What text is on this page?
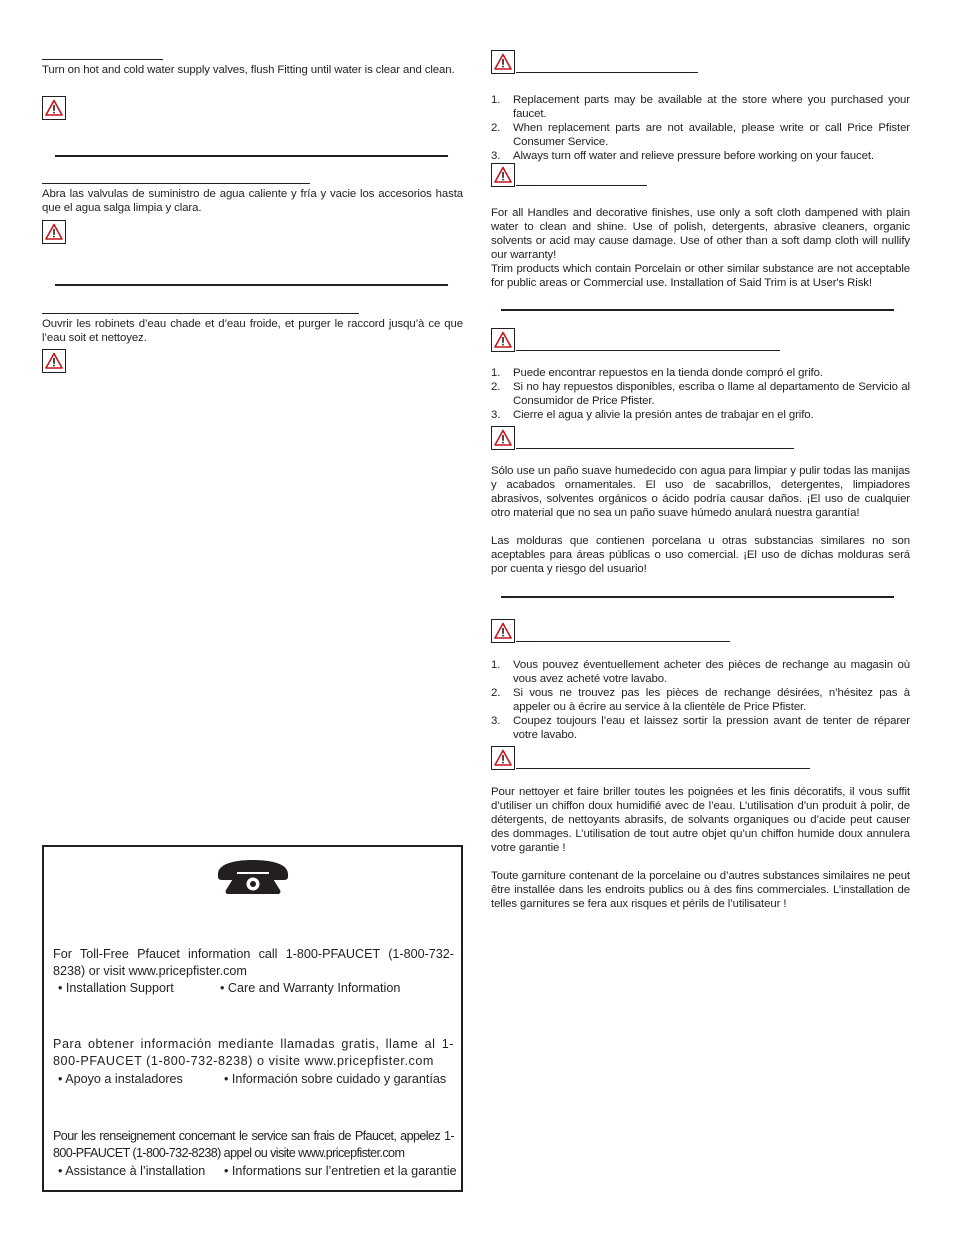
Turn on hot and cold water supply valves, flush Fitting until water is clear and clean.
Abra las valvulas de suministro de agua caliente y fría y vacie los accesorios hasta que el agua salga limpia y clara.
Ouvrir les robinets d’eau chade et d’eau froide, et purger le raccord jusqu’à ce que l’eau soit et nettoyez.
For Toll-Free Pfaucet information call 1-800-PFAUCET (1-800-732-8238) or visit www.pricepfister.com
• Installation Support	• Care and Warranty Information
Para obtener información mediante llamadas gratis, llame al 1-800-PFAUCET (1-800-732-8238) o visite www.pricepfister.com
• Apoyo a instaladores	• Información sobre cuidado y garantías
Pour les renseignement concernant le service san frais de Pfaucet, appelez 1-800-PFAUCET (1-800-732-8238) appel ou visite www.pricepfister.com
• Assistance à l’installation • Informations sur l’entretien et la garantie
1. Replacement parts may be available at the store where you purchased your faucet.
2. When replacement parts are not available, please write or call Price Pfister Consumer Service.
3. Always turn off water and relieve pressure before working on your faucet.
For all Handles and decorative finishes, use only a soft cloth dampened with plain water to clean and shine. Use of polish, detergents, abrasive cleaners, organic solvents or acid may cause damage. Use of other than a soft damp cloth will nullify our warranty!
Trim products which contain Porcelain or other similar substance are not acceptable for public areas or Commercial use. Installation of Said Trim is at User's Risk!
1. Puede encontrar repuestos en la tienda donde compró el grifo.
2. Si no hay repuestos disponibles, escriba o llame al departamento de Servicio al Consumidor de Price Pfister.
3. Cierre el agua y alivie la presión antes de trabajar en el grifo.
Sólo use un paño suave humedecido con agua para limpiar y pulir todas las manijas y acabados ornamentales. El uso de sacabrillos, detergentes, limpiadores abrasivos, solventes orgánicos o ácido podría causar daños. ¡El uso de cualquier otro material que no sea un paño suave húmedo anulará nuestra garantía!
Las molduras que contienen porcelana u otras substancias similares no son aceptables para áreas públicas o uso comercial. ¡El uso de dichas molduras será por cuenta y riesgo del usuario!
1. Vous pouvez éventuellement acheter des pièces de rechange au magasin où vous avez acheté votre lavabo.
2. Si vous ne trouvez pas les pièces de rechange désirées, n’hésitez pas à appeler ou à écrire au service à la clientèle de Price Pfister.
3. Coupez toujours l’eau et laissez sortir la pression avant de tenter de réparer votre lavabo.
Pour nettoyer et faire briller toutes les poignées et les finis décoratifs, il vous suffit d’utiliser un chiffon doux humidifié avec de l’eau. L’utilisation d’un produit à polir, de détergents, de nettoyants abrasifs, de solvants organiques ou d’acide peut causer des dommages. L’utilisation de tout autre objet qu’un chiffon humide doux annulera votre garantie !
Toute garniture contenant de la porcelaine ou d’autres substances similaires ne peut être installée dans les endroits publics ou à des fins commerciales. L’installation de telles garnitures se fera aux risques et périls de l’utilisateur !
